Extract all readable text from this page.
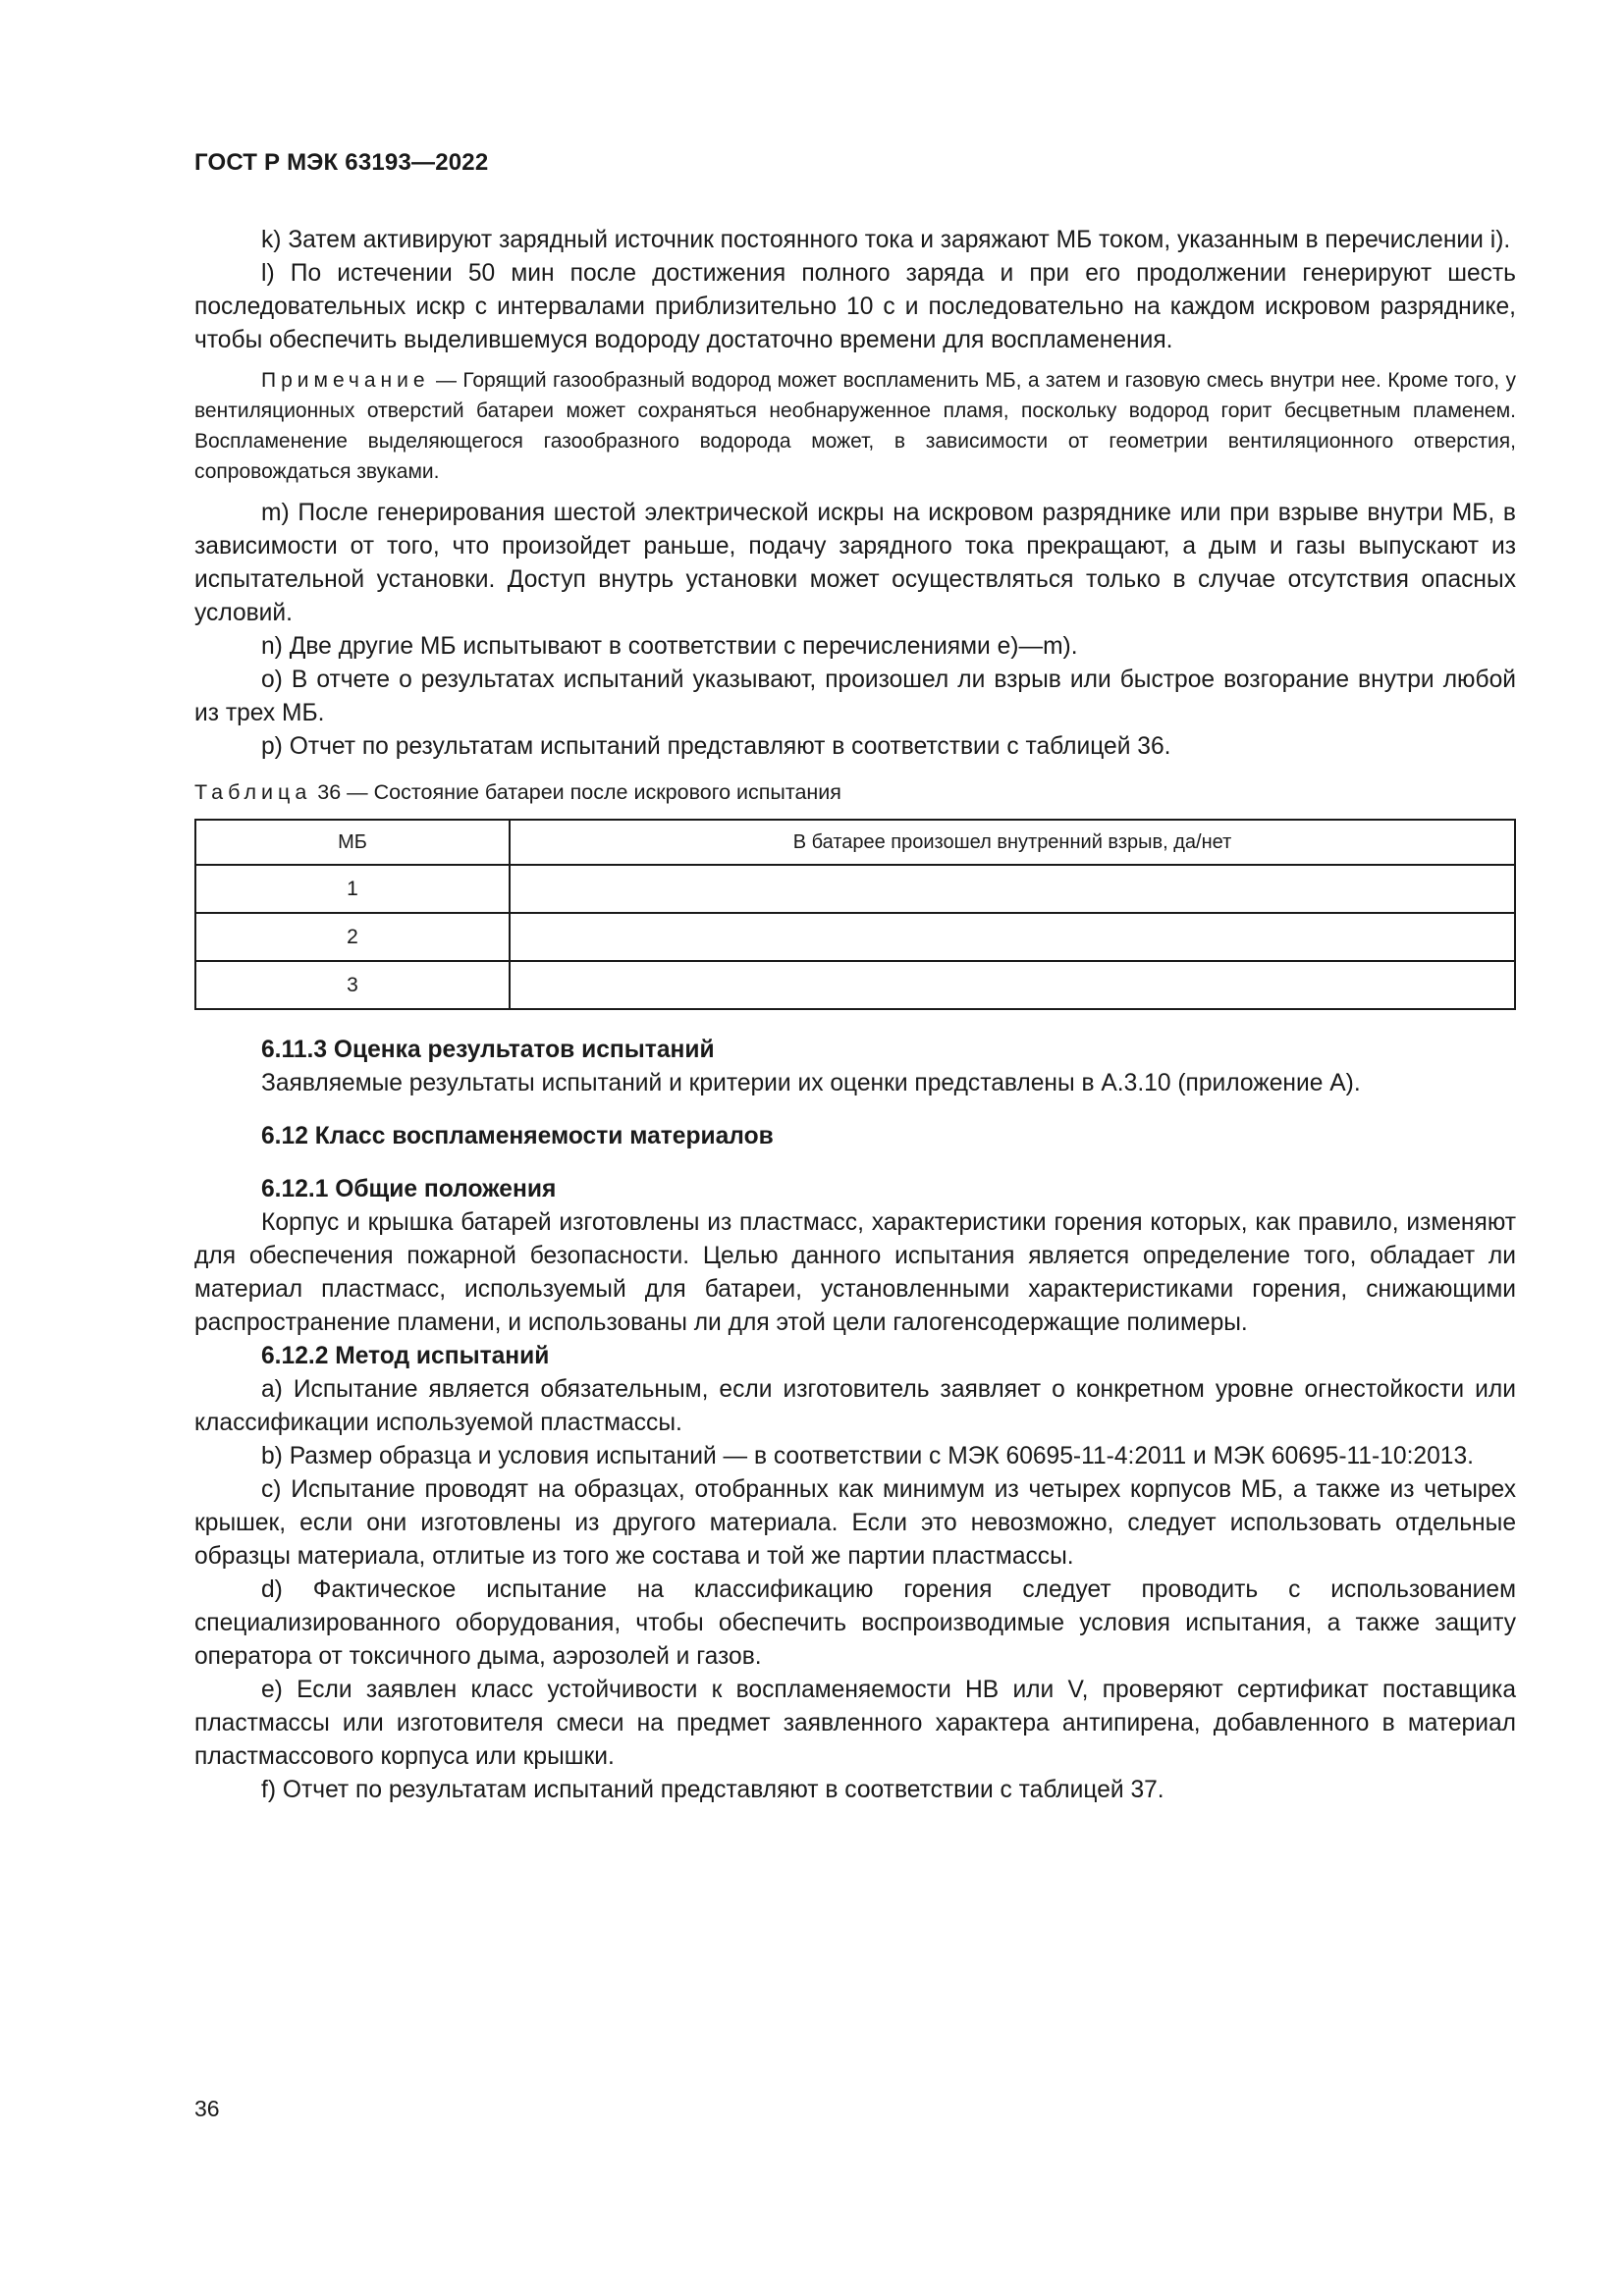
ГОСТ Р МЭК 63193—2022

k) Затем активируют зарядный источник постоянного тока и заряжают МБ током, указанным в перечислении i).

l) По истечении 50 мин после достижения полного заряда и при его продолжении генерируют шесть последовательных искр с интервалами приблизительно 10 с и последовательно на каждом искровом разряднике, чтобы обеспечить выделившемуся водороду достаточно времени для воспламенения.

Примечание — Горящий газообразный водород может воспламенить МБ, а затем и газовую смесь внутри нее. Кроме того, у вентиляционных отверстий батареи может сохраняться необнаруженное пламя, поскольку водород горит бесцветным пламенем. Воспламенение выделяющегося газообразного водорода может, в зависимости от геометрии вентиляционного отверстия, сопровождаться звуками.

m) После генерирования шестой электрической искры на искровом разряднике или при взрыве внутри МБ, в зависимости от того, что произойдет раньше, подачу зарядного тока прекращают, а дым и газы выпускают из испытательной установки. Доступ внутрь установки может осуществляться только в случае отсутствия опасных условий.

n) Две другие МБ испытывают в соответствии с перечислениями е)—m).

o) В отчете о результатах испытаний указывают, произошел ли взрыв или быстрое возгорание внутри любой из трех МБ.

p) Отчет по результатам испытаний представляют в соответствии с таблицей 36.

Таблица 36 — Состояние батареи после искрового испытания

МБ	В батарее произошел внутренний взрыв, да/нет
1	
2	
3	
6.11.3 Оценка результатов испытаний

Заявляемые результаты испытаний и критерии их оценки представлены в А.3.10 (приложение А).

6.12 Класс воспламеняемости материалов
6.12.1 Общие положения

Корпус и крышка батарей изготовлены из пластмасс, характеристики горения которых, как правило, изменяют для обеспечения пожарной безопасности. Целью данного испытания является определение того, обладает ли материал пластмасс, используемый для батареи, установленными характеристиками горения, снижающими распространение пламени, и использованы ли для этой цели галогенсодержащие полимеры.

6.12.2 Метод испытаний

а) Испытание является обязательным, если изготовитель заявляет о конкретном уровне огнестойкости или классификации используемой пластмассы.

b) Размер образца и условия испытаний — в соответствии с МЭК 60695-11-4:2011 и МЭК 60695-11-10:2013.

с) Испытание проводят на образцах, отобранных как минимум из четырех корпусов МБ, а также из четырех крышек, если они изготовлены из другого материала. Если это невозможно, следует использовать отдельные образцы материала, отлитые из того же состава и той же партии пластмассы.

d) Фактическое испытание на классификацию горения следует проводить с использованием специализированного оборудования, чтобы обеспечить воспроизводимые условия испытания, а также защиту оператора от токсичного дыма, аэрозолей и газов.

е) Если заявлен класс устойчивости к воспламеняемости НВ или V, проверяют сертификат поставщика пластмассы или изготовителя смеси на предмет заявленного характера антипирена, добавленного в материал пластмассового корпуса или крышки.

f) Отчет по результатам испытаний представляют в соответствии с таблицей 37.

36
